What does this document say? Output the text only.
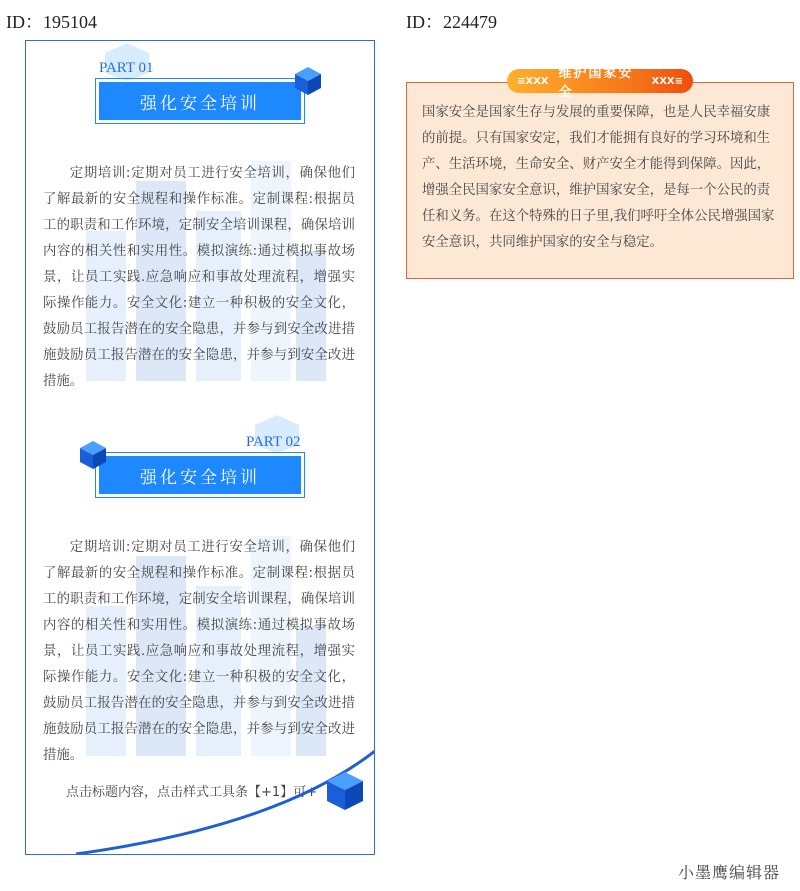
ID：195104	ID：224479
PART 01
强化安全培训
定期培训:定期对员工进行安全培训，确保他们了解最新的安全规程和操作标准。定制课程:根据员工的职责和工作环境，定制安全培训课程，确保培训内容的相关性和实用性。模拟演练:通过模拟事故场景，让员工实践.应急响应和事故处理流程，增强实际操作能力。安全文化:建立一种积极的安全文化，鼓励员工报告潜在的安全隐患，并参与到安全改进措施鼓励员工报告潜在的安全隐患，并参与到安全改进措施。
PART 02
强化安全培训
定期培训:定期对员工进行安全培训，确保他们了解最新的安全规程和操作标准。定制课程:根据员工的职责和工作环境，定制安全培训课程，确保培训内容的相关性和实用性。模拟演练:通过模拟事故场景，让员工实践.应急响应和事故处理流程，增强实际操作能力。安全文化:建立一种积极的安全文化，鼓励员工报告潜在的安全隐患，并参与到安全改进措施鼓励员工报告潜在的安全隐患，并参与到安全改进措施。
点击标题内容，点击样式工具条【+1】可+
国家安全是国家生存与发展的重要保障，也是人民幸福安康的前提。只有国家安定，我们才能拥有良好的学习环境和生产、生活环境，生命安全、财产安全才能得到保障。因此，增强全民国家安全意识，维护国家安全，是每一个公民的责任和义务。在这个特殊的日子里,我们呼吁全体公民增强国家安全意识，共同维护国家的安全与稳定。
≡XXX 维护国家安全
XXX≡
小墨鹰编辑器
